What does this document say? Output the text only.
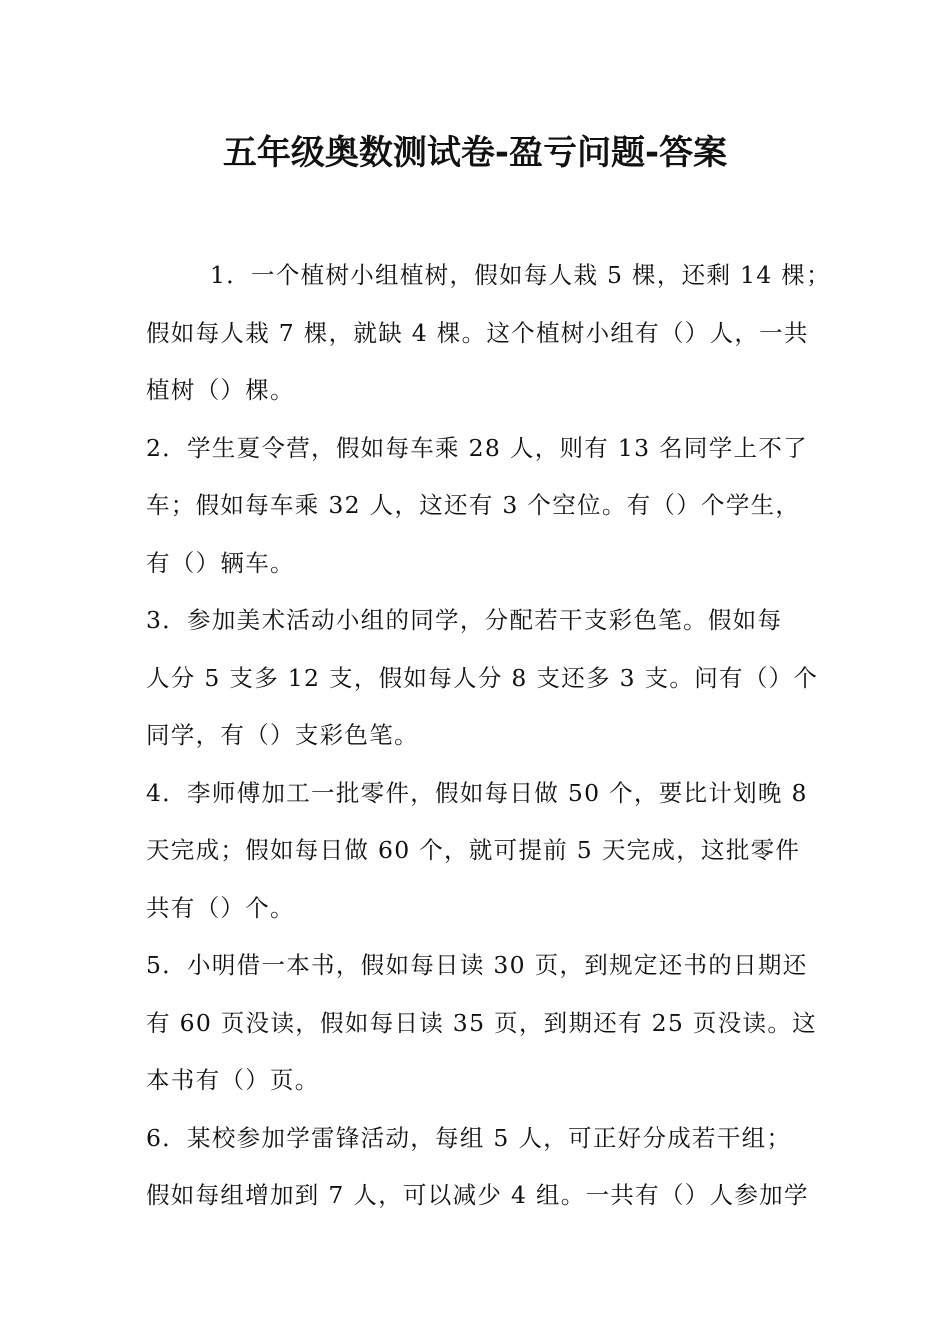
五年级奥数测试卷-盈亏问题-答案
1．一个植树小组植树，假如每人栽 5 棵，还剩 14 棵；
假如每人栽 7 棵，就缺 4 棵。这个植树小组有（）人，一共
植树（）棵。
2．学生夏令营，假如每车乘 28 人，则有 13 名同学上不了
车；假如每车乘 32 人，这还有 3 个空位。有（）个学生，
有（）辆车。
3．参加美术活动小组的同学，分配若干支彩色笔。假如每
人分 5 支多 12 支，假如每人分 8 支还多 3 支。问有（）个
同学，有（）支彩色笔。
4．李师傅加工一批零件，假如每日做 50 个，要比计划晚 8
天完成；假如每日做 60 个，就可提前 5 天完成，这批零件
共有（）个。
5．小明借一本书，假如每日读 30 页，到规定还书的日期还
有 60 页没读，假如每日读 35 页，到期还有 25 页没读。这
本书有（）页。
6．某校参加学雷锋活动，每组 5 人，可正好分成若干组；
假如每组增加到 7 人，可以减少 4 组。一共有（）人参加学
